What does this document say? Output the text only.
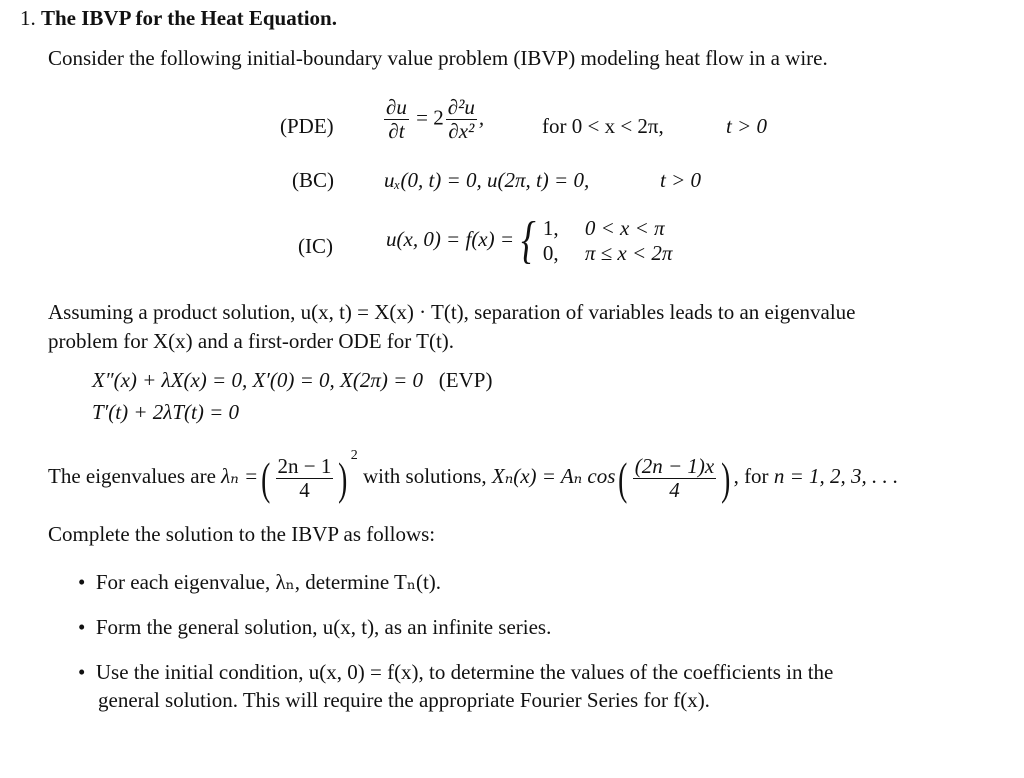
1. The IBVP for the Heat Equation.
Consider the following initial-boundary value problem (IBVP) modeling heat flow in a wire.
$(PDE) \frac{\partial u}{\partial t} = 2 \frac{\text{∂²u}}{\text{∂x²}}$ ,	for 0 < x < 2π,	t > 0
(BC) uₓ(0, t) = 0, u(2π, t) = 0,	t > 0
(IC)	u(x, 0) = f(x) = { 1, 0 < x < π
0, π ≤ x < 2π
Assuming a product solution, u(x, t) = X(x) · T(t), separation of variables leads to an eigenvalue
problem for X(x) and a first-order ODE for T(t).
X″(x) + λX(x) = 0, X′(0) = 0, X(2π) = 0 (EVP)
T′(t) + 2λT(t) = 0
The eigenvalues are λₙ =( $\frac{2n - 1}{4}$ ) $^2$ with solutions, Xₙ(x) = Aₙ $\cos( \frac{(2n - 1)x}{4}$ ) , for n = 1, 2, 3, . . .
Complete the solution to the IBVP as follows:
• For each eigenvalue, λₙ, determine Tₙ(t).
• Form the general solution, u(x, t), as an infinite series.
• Use the initial condition, u(x, 0) = f(x), to determine the values of the coefficients in the
general solution. This will require the appropriate Fourier Series for f(x).
